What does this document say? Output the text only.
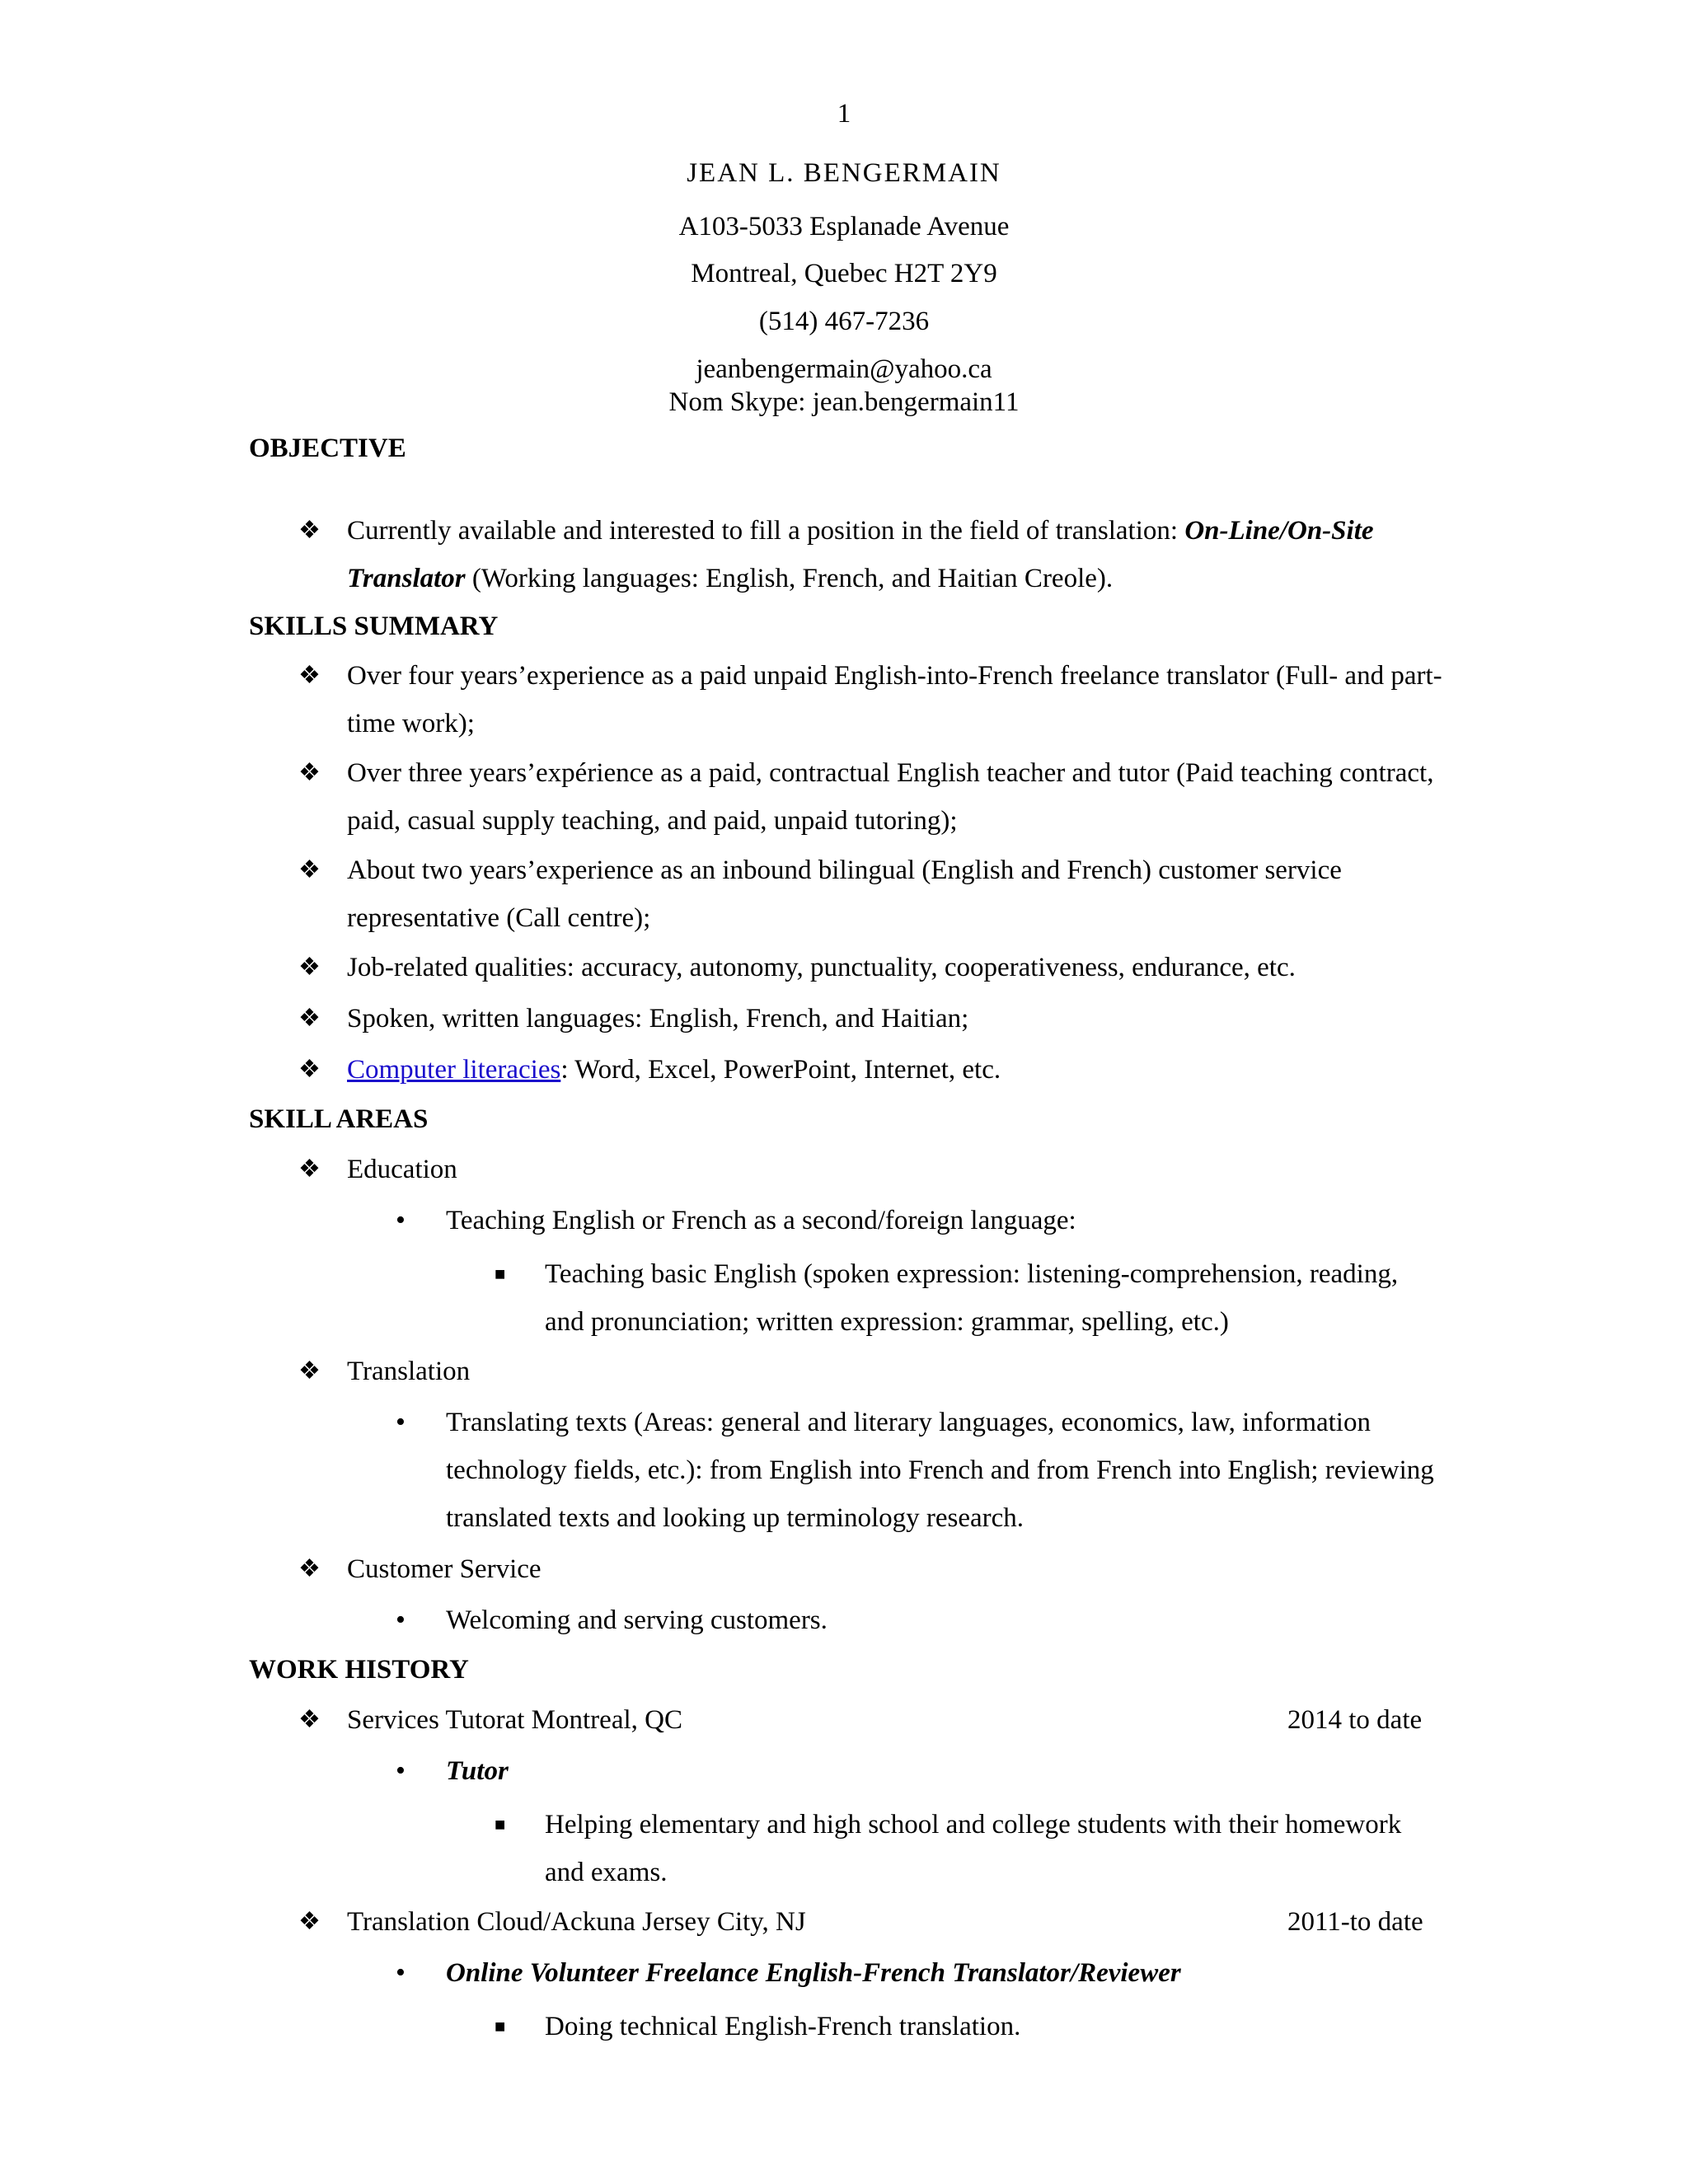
1
JEAN L. BENGERMAIN
A103-5033 Esplanade Avenue
Montreal, Quebec H2T 2Y9
(514) 467-7236
jeanbengermain@yahoo.ca
Nom Skype: jean.bengermain11
OBJECTIVE
❖ Currently available and interested to fill a position in the field of translation: On-Line/On-Site Translator (Working languages: English, French, and Haitian Creole).
SKILLS SUMMARY
❖ Over four years’experience as a paid unpaid English-into-French freelance translator (Full- and part-time work);
❖ Over three years’expérience as a paid, contractual English teacher and tutor (Paid teaching contract, paid, casual supply teaching, and paid, unpaid tutoring);
❖ About two years’experience as an inbound bilingual (English and French) customer service representative (Call centre);
❖ Job-related qualities: accuracy, autonomy, punctuality, cooperativeness, endurance, etc.
❖ Spoken, written languages: English, French, and Haitian;
❖ Computer literacies: Word, Excel, PowerPoint, Internet, etc.
SKILL AREAS
❖ Education
• Teaching English or French as a second/foreign language:
■ Teaching basic English (spoken expression: listening-comprehension, reading, and pronunciation; written expression: grammar, spelling, etc.)
❖ Translation
• Translating texts (Areas: general and literary languages, economics, law, information technology fields, etc.): from English into French and from French into English; reviewing translated texts and looking up terminology research.
❖ Customer Service
• Welcoming and serving customers.
WORK HISTORY
❖ Services Tutorat Montreal, QC	2014 to date
• Tutor
■ Helping elementary and high school and college students with their homework and exams.
❖ Translation Cloud/Ackuna Jersey City, NJ	2011-to date
• Online Volunteer Freelance English-French Translator/Reviewer
■ Doing technical English-French translation.
